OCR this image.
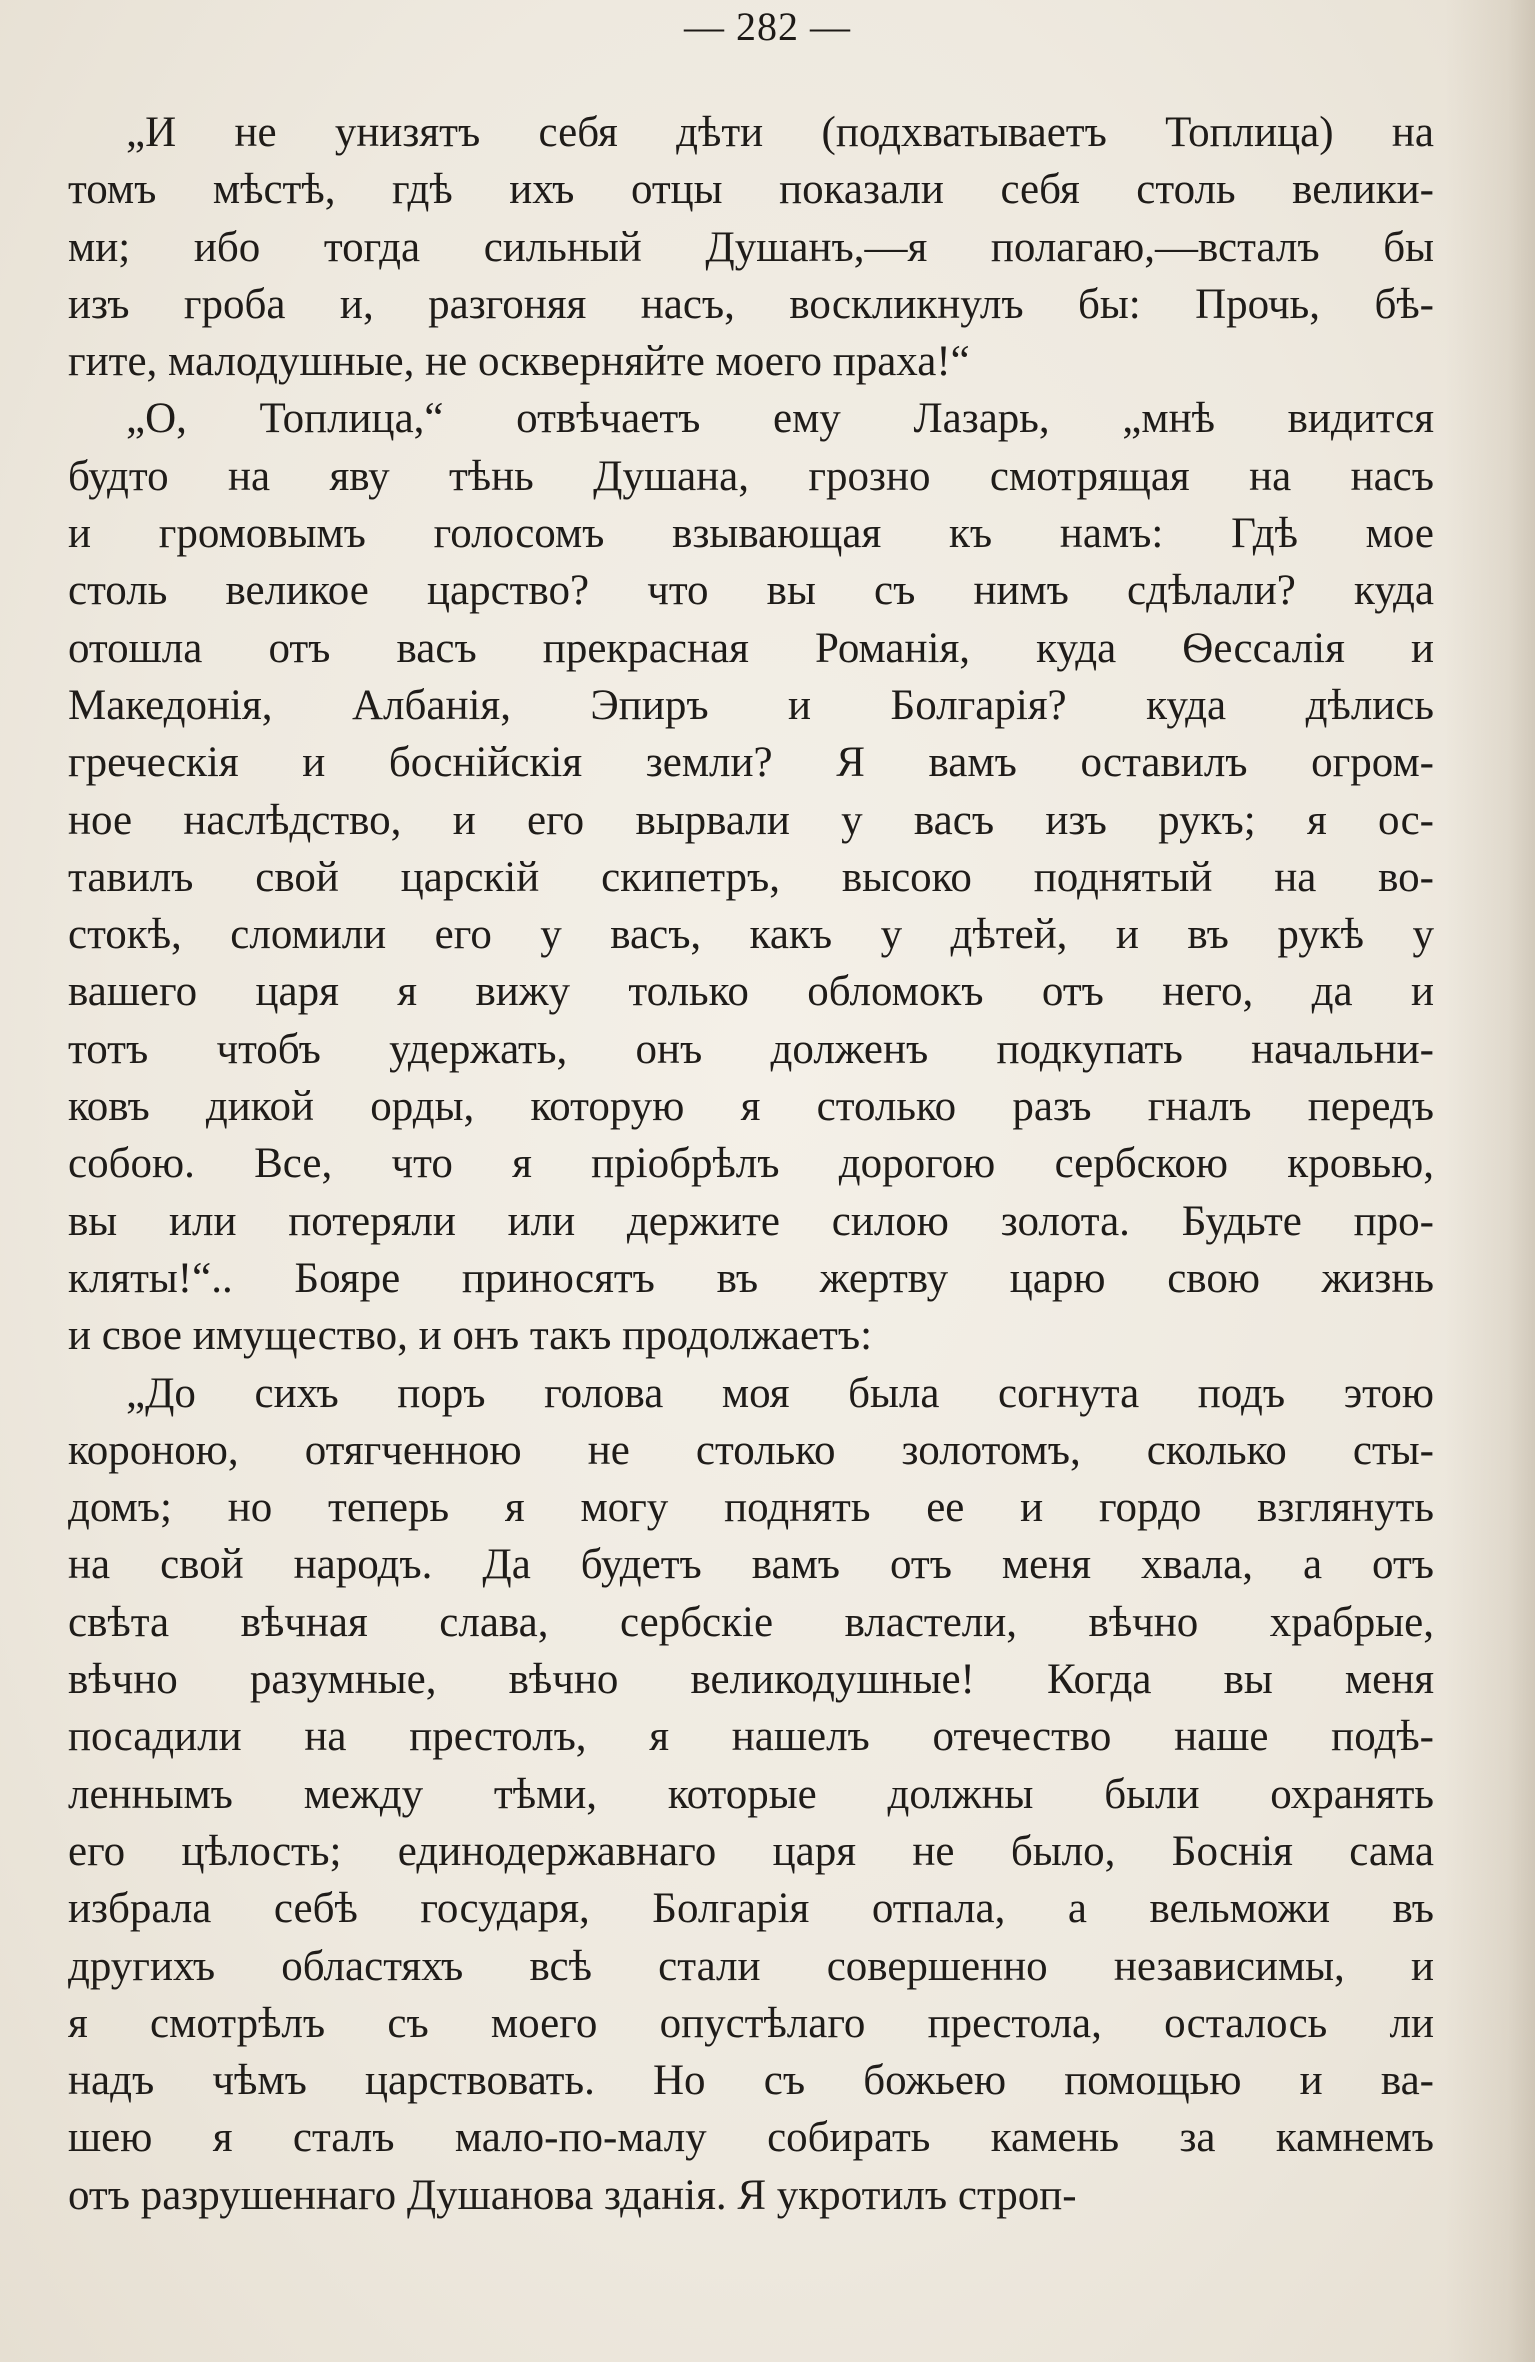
— 282 —
„И не унизятъ себя дѣти (подхватываетъ Топлица) на
томъ мѣстѣ, гдѣ ихъ отцы показали себя столь велики-
ми; ибо тогда сильный Душанъ,—я полагаю,—всталъ бы
изъ гроба и, разгоняя насъ, воскликнулъ бы: Прочь, бѣ-
гите, малодушные, не оскверняйте моего праха!“
„О, Топлица,“ отвѣчаетъ ему Лазарь, „мнѣ видится
будто на яву тѣнь Душана, грозно смотрящая на насъ
и громовымъ голосомъ взывающая къ намъ: Гдѣ мое
столь великое царство? что вы съ нимъ сдѣлали? куда
отошла отъ васъ прекрасная Романія, куда Ѳессалія и
Македонія, Албанія, Эпиръ и Болгарія? куда дѣлись
греческія и боснійскія земли? Я вамъ оставилъ огром-
ное наслѣдство, и его вырвали у васъ изъ рукъ; я ос-
тавилъ свой царскій скипетръ, высоко поднятый на во-
стокѣ, сломили его у васъ, какъ у дѣтей, и въ рукѣ у
вашего царя я вижу только обломокъ отъ него, да и
тотъ чтобъ удержать, онъ долженъ подкупать начальни-
ковъ дикой орды, которую я столько разъ гналъ передъ
собою. Все, что я пріобрѣлъ дорогою сербскою кровью,
вы или потеряли или держите силою золота. Будьте про-
кляты!“.. Бояре приносятъ въ жертву царю свою жизнь
и свое имущество, и онъ такъ продолжаетъ:
„До сихъ поръ голова моя была согнута подъ этою
короною, отягченною не столько золотомъ, сколько сты-
домъ; но теперь я могу поднять ее и гордо взглянуть
на свой народъ. Да будетъ вамъ отъ меня хвала, а отъ
свѣта вѣчная слава, сербскіе властели, вѣчно храбрые,
вѣчно разумные, вѣчно великодушные! Когда вы меня
посадили на престолъ, я нашелъ отечество наше подѣ-
леннымъ между тѣми, которые должны были охранять
его цѣлость; единодержавнаго царя не было, Боснія сама
избрала себѣ государя, Болгарія отпала, а вельможи въ
другихъ областяхъ всѣ стали совершенно независимы, и
я смотрѣлъ съ моего опустѣлаго престола, осталось ли
надъ чѣмъ царствовать. Но съ божьею помощью и ва-
шею я сталъ мало-по-малу собирать камень за камнемъ
отъ разрушеннаго Душанова зданія. Я укротилъ строп-
